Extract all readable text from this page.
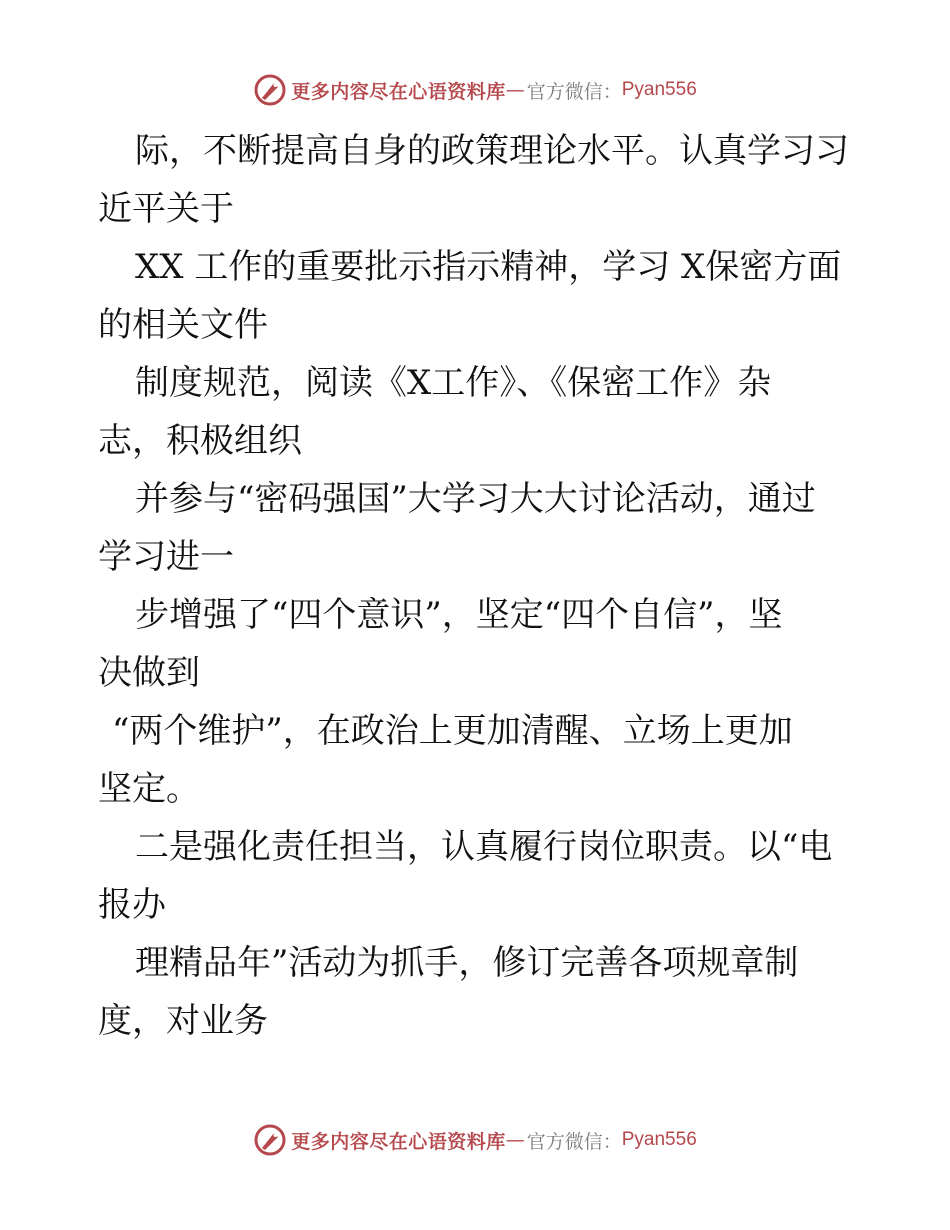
更多内容尽在心语资料库 — 官方微信： Pyan556
际，不断提高自身的政策理论水平。认真学习习
近平关于
XX 工作的重要批示指示精神，学习 X保密方面
的相关文件
制度规范，阅读《X工作》、《保密工作》杂
志，积极组织
并参与“密码强国”大学习大大讨论活动，通过
学习进一
步增强了“四个意识”，坚定“四个自信”，坚
决做到
“两个维护”，在政治上更加清醒、立场上更加
坚定。
二是强化责任担当，认真履行岗位职责。以“电
报办
理精品年”活动为抓手，修订完善各项规章制
度，对业务
更多内容尽在心语资料库 — 官方微信： Pyan556
